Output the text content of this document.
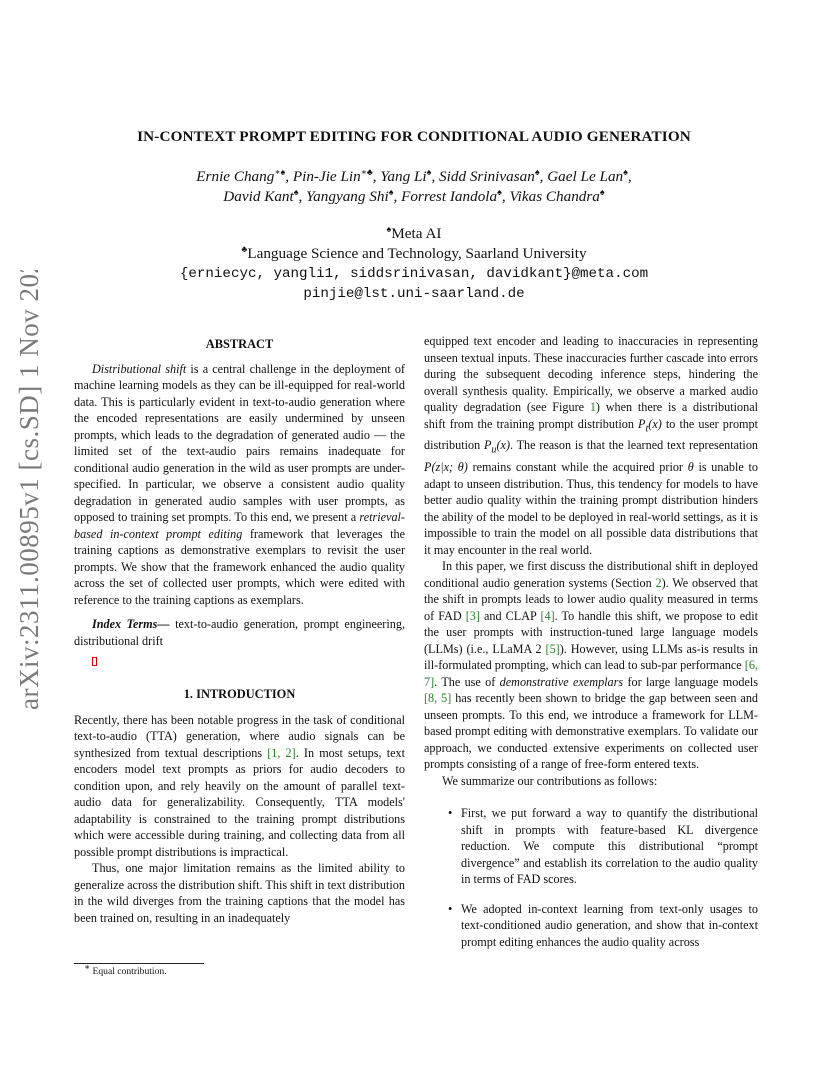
arXiv:2311.00895v1 [cs.SD] 1 Nov 2023
IN-CONTEXT PROMPT EDITING FOR CONDITIONAL AUDIO GENERATION
Ernie Chang∗♠, Pin-Jie Lin∗♣, Yang Li♠, Sidd Srinivasan♠, Gael Le Lan♠,
David Kant♠, Yangyang Shi♠, Forrest Iandola♠, Vikas Chandra♠
♠Meta AI
♣Language Science and Technology, Saarland University
{erniecyc, yangli1, siddsrinivasan, davidkant}@meta.com
pinjie@lst.uni-saarland.de
ABSTRACT

Distributional shift is a central challenge in the deployment of machine learning models as they can be ill-equipped for real-world data. This is particularly evident in text-to-audio generation where the encoded representations are easily undermined by unseen prompts, which leads to the degradation of generated audio — the limited set of the text-audio pairs remains inadequate for conditional audio generation in the wild as user prompts are under-specified. In particular, we observe a consistent audio quality degradation in generated audio samples with user prompts, as opposed to training set prompts. To this end, we present a retrieval-based in-context prompt editing framework that leverages the training captions as demonstrative exemplars to revisit the user prompts. We show that the framework enhanced the audio quality across the set of collected user prompts, which were edited with reference to the training captions as exemplars.

Index Terms— text-to-audio generation, prompt engineering, distributional drift

1. INTRODUCTION

Recently, there has been notable progress in the task of conditional text-to-audio (TTA) generation, where audio signals can be synthesized from textual descriptions [1, 2]. In most setups, text encoders model text prompts as priors for audio decoders to condition upon, and rely heavily on the amount of parallel text-audio data for generalizability. Consequently, TTA models' adaptability is constrained to the training prompt distributions which were accessible during training, and collecting data from all possible prompt distributions is impractical.

Thus, one major limitation remains as the limited ability to generalize across the distribution shift. This shift in text distribution in the wild diverges from the training captions that the model has been trained on, resulting in an inadequately

∗ Equal contribution.

equipped text encoder and leading to inaccuracies in representing unseen textual inputs. These inaccuracies further cascade into errors during the subsequent decoding inference steps, hindering the overall synthesis quality. Empirically, we observe a marked audio quality degradation (see Figure 1) when there is a distributional shift from the training prompt distribution $P_t(x)$ to the user prompt distribution $P_u(x)$. The reason is that the learned text representation P(z|x; θ) remains constant while the acquired prior θ is unable to adapt to unseen distribution. Thus, this tendency for models to have better audio quality within the training prompt distribution hinders the ability of the model to be deployed in real-world settings, as it is impossible to train the model on all possible data distributions that it may encounter in the real world.

In this paper, we first discuss the distributional shift in deployed conditional audio generation systems (Section 2). We observed that the shift in prompts leads to lower audio quality measured in terms of FAD [3] and CLAP [4]. To handle this shift, we propose to edit the user prompts with instruction-tuned large language models (LLMs) (i.e., LLaMA 2 [5]). However, using LLMs as-is results in ill-formulated prompting, which can lead to sub-par performance [6, 7]. The use of demonstrative exemplars for large language models [8, 5] has recently been shown to bridge the gap between seen and unseen prompts. To this end, we introduce a framework for LLM-based prompt editing with demonstrative exemplars. To validate our approach, we conducted extensive experiments on collected user prompts consisting of a range of free-form entered texts.

We summarize our contributions as follows:

• First, we put forward a way to quantify the distributional shift in prompts with feature-based KL divergence reduction. We compute this distributional “prompt divergence” and establish its correlation to the audio quality in terms of FAD scores.
• We adopted in-context learning from text-only usages to text-conditioned audio generation, and show that in-context prompt editing enhances the audio quality across
